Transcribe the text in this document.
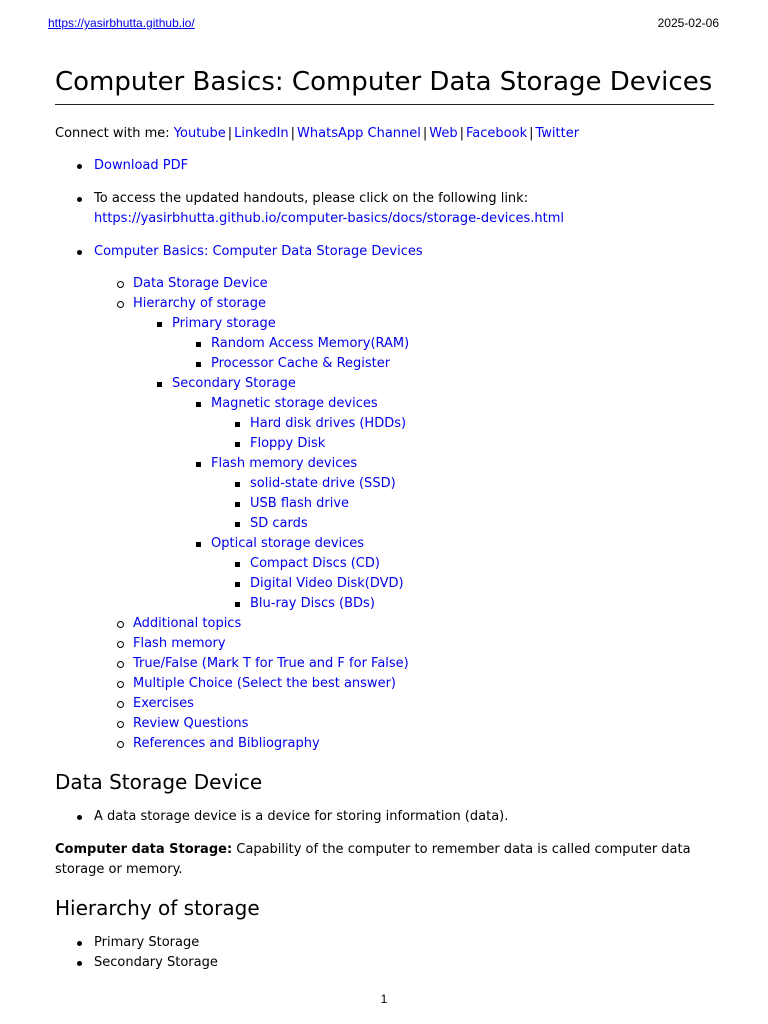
https://yasirbhutta.github.io/	2025-02-06
Computer Basics: Computer Data Storage Devices

Connect with me: Youtube | LinkedIn | WhatsApp Channel | Web | Facebook | Twitter

Download PDF
To access the updated handouts, please click on the following link:
https://yasirbhutta.github.io/computer-basics/docs/storage-devices.html
Computer Basics: Computer Data Storage Devices
Data Storage Device
Hierarchy of storage
Primary storage
Random Access Memory(RAM)
Processor Cache & Register
Secondary Storage
Magnetic storage devices
Hard disk drives (HDDs)
Floppy Disk
Flash memory devices
solid-state drive (SSD)
USB flash drive
SD cards
Optical storage devices
Compact Discs (CD)
Digital Video Disk(DVD)
Blu-ray Discs (BDs)
Additional topics
Flash memory
True/False (Mark T for True and F for False)
Multiple Choice (Select the best answer)
Exercises
Review Questions
References and Bibliography
Data Storage Device
A data storage device is a device for storing information (data).

Computer data Storage: Capability of the computer to remember data is called computer data storage or memory.

Hierarchy of storage
Primary Storage
Secondary Storage
1
